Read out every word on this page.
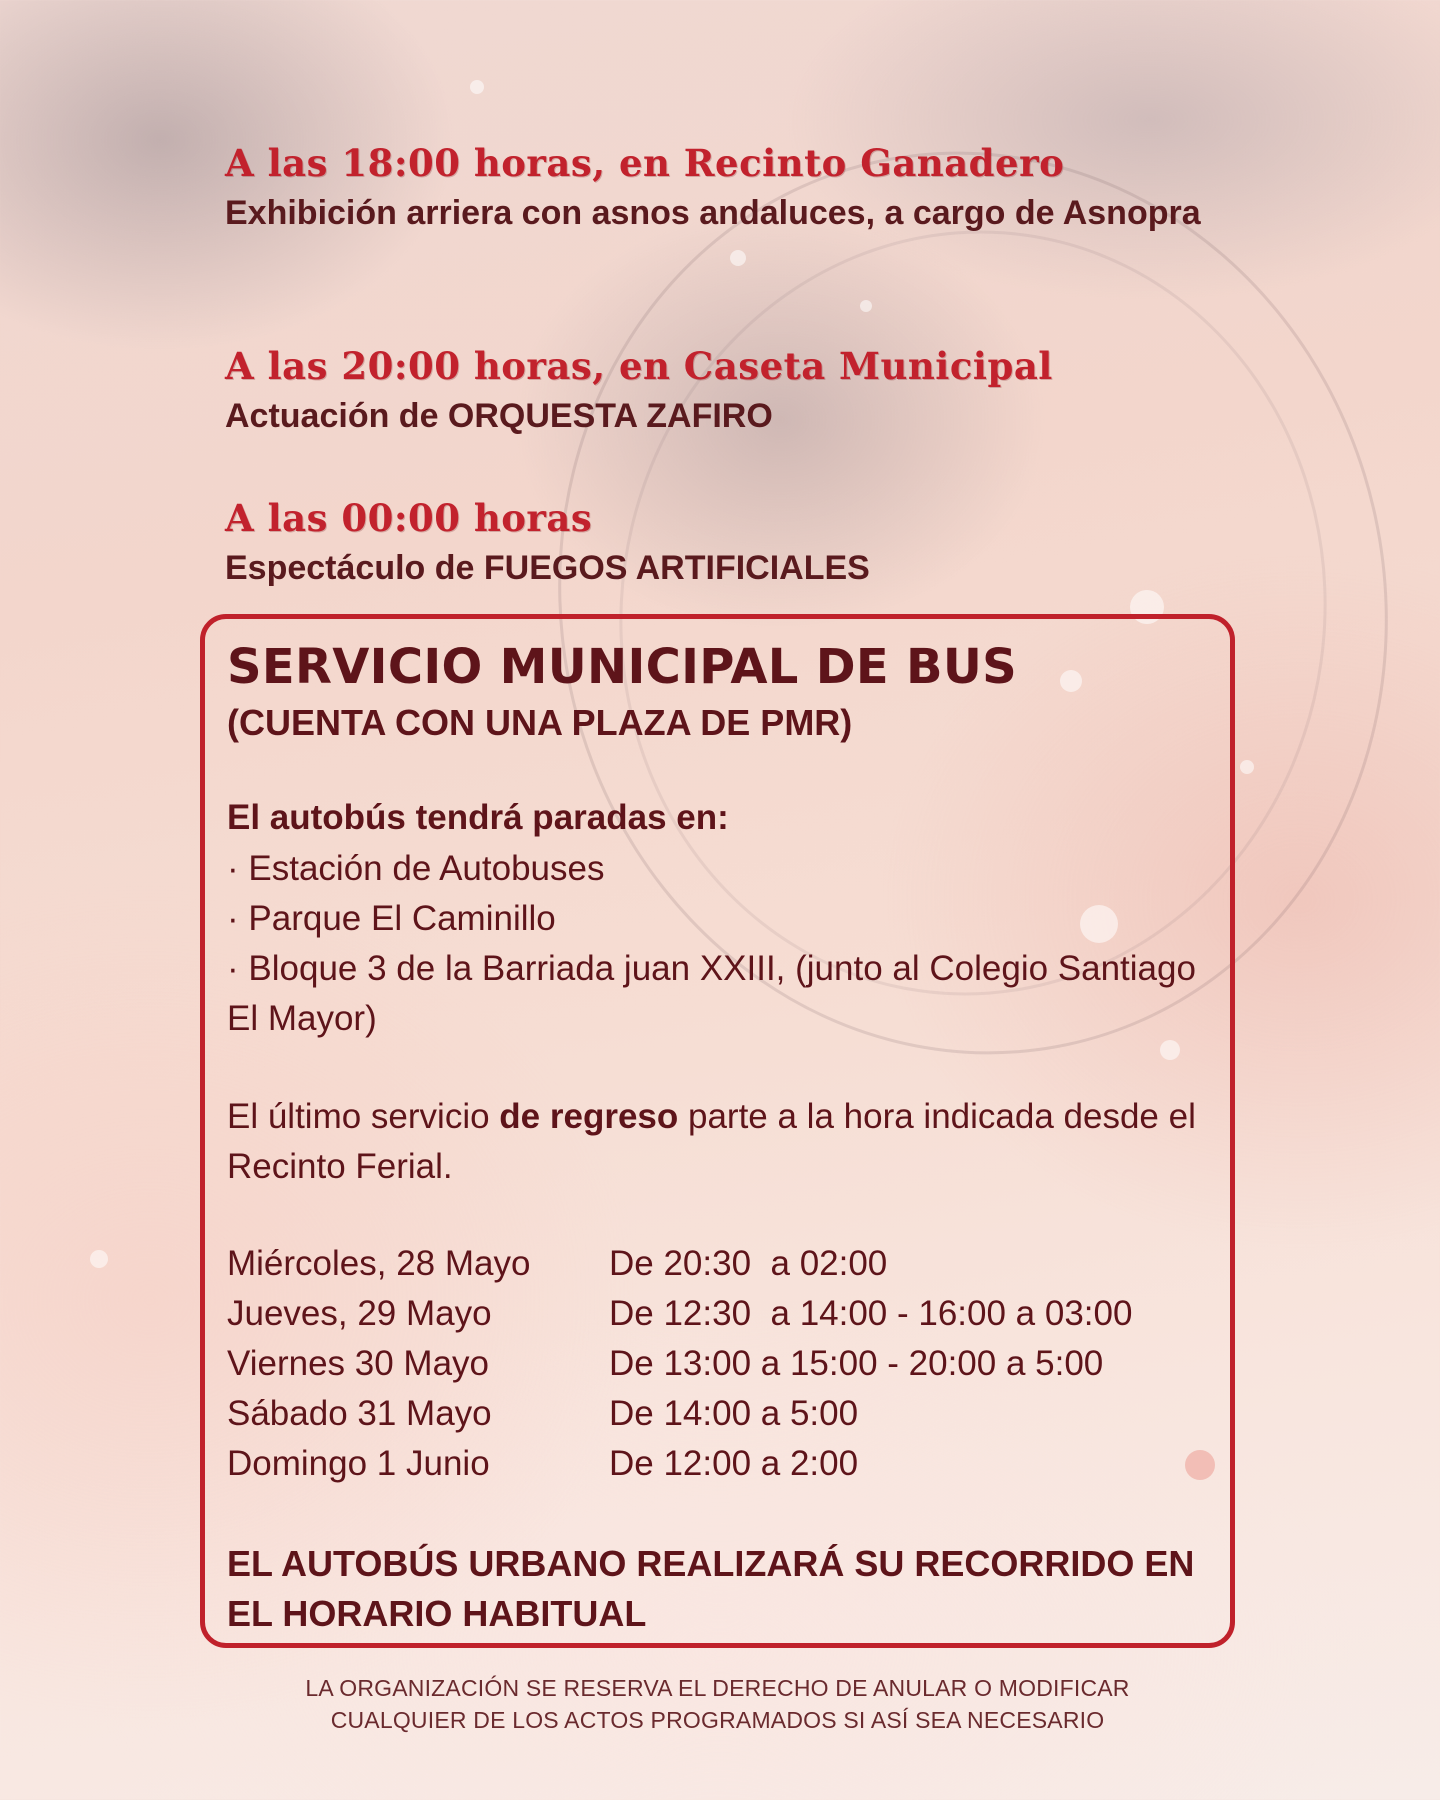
A las 18:00 horas, en Recinto Ganadero

Exhibición arriera con asnos andaluces, a cargo de Asnopra

A las 20:00 horas, en Caseta Municipal

Actuación de ORQUESTA ZAFIRO

A las 00:00 horas

Espectáculo de FUEGOS ARTIFICIALES

SERVICIO MUNICIPAL DE BUS

(CUENTA CON UNA PLAZA DE PMR)

El autobús tendrá paradas en:

· Estación de Autobuses
· Parque El Caminillo
· Bloque 3 de la Barriada juan XXIII, (junto al Colegio Santiago El Mayor)

El último servicio de regreso parte a la hora indicada desde el Recinto Ferial.

Miércoles, 28 Mayo	De 20:30  a 02:00
Jueves, 29 Mayo	De 12:30  a 14:00 - 16:00 a 03:00
Viernes 30 Mayo	De 13:00 a 15:00 - 20:00 a 5:00
Sábado 31 Mayo	De 14:00 a 5:00
Domingo 1 Junio	De 12:00 a 2:00

EL AUTOBÚS URBANO REALIZARÁ SU RECORRIDO EN EL HORARIO HABITUAL

LA ORGANIZACIÓN SE RESERVA EL DERECHO DE ANULAR O MODIFICAR
CUALQUIER DE LOS ACTOS PROGRAMADOS SI ASÍ SEA NECESARIO
